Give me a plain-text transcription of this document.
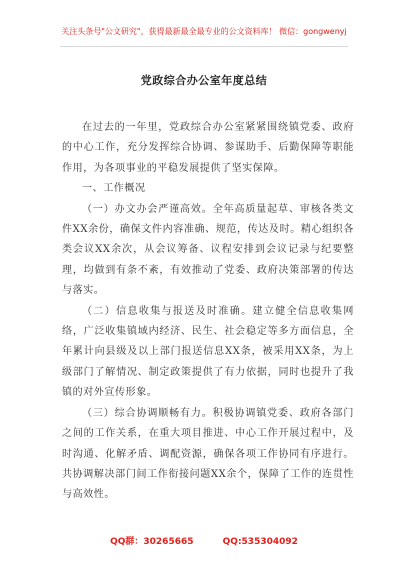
关注头条号"公文研究"，获得最新最全最专业的公文资料库！ 微信：gongwenyj
党政综合办公室年度总结

在过去的一年里，党政综合办公室紧紧围绕镇党委、政府的中心工作，充分发挥综合协调、参谋助手、后勤保障等职能作用，为各项事业的平稳发展提供了坚实保障。

一、工作概况

（一）办文办会严谨高效。全年高质量起草、审核各类文件XX余份，确保文件内容准确、规范，传达及时。精心组织各类会议XX余次，从会议筹备、议程安排到会议记录与纪要整理，均做到有条不紊，有效推动了党委、政府决策部署的传达与落实。

（二）信息收集与报送及时准确。建立健全信息收集网络，广泛收集镇域内经济、民生、社会稳定等多方面信息，全年累计向县级及以上部门报送信息XX条，被采用XX条，为上级部门了解情况、制定政策提供了有力依据，同时也提升了我镇的对外宣传形象。

（三）综合协调顺畅有力。积极协调镇党委、政府各部门之间的工作关系，在重大项目推进、中心工作开展过程中，及时沟通、化解矛盾、调配资源，确保各项工作协同有序进行。共协调解决部门间工作衔接问题XX余个，保障了工作的连贯性与高效性。

QQ群：30265665	QQ:535304092
